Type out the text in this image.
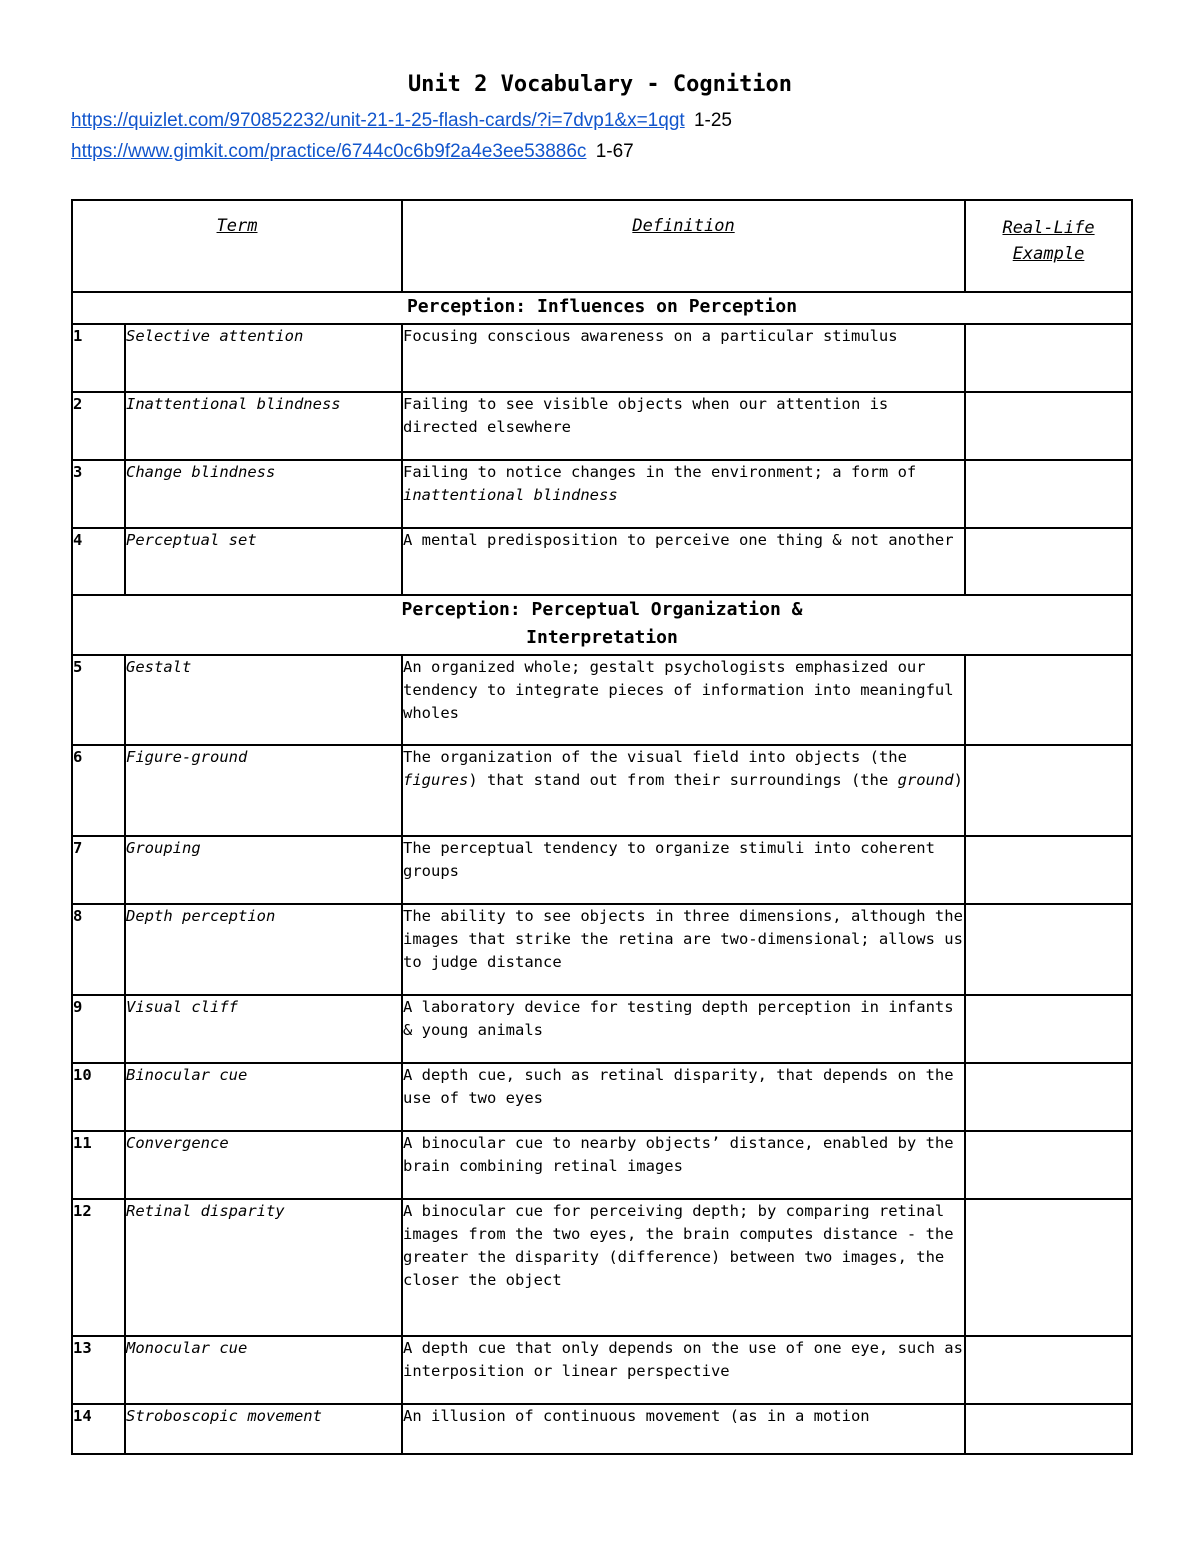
Unit 2 Vocabulary - Cognition
https://quizlet.com/970852232/unit-21-1-25-flash-cards/?i=7dvp1&x=1qgt 1-25
https://www.gimkit.com/practice/6744c0c6b9f2a4e3ee53886c 1-67
Term		Definition	Real-Life
Example
Perception: Influences on Perception			
1	Selective attention	Focusing conscious awareness on a particular stimulus	
2	Inattentional blindness	Failing to see visible objects when our attention is directed elsewhere	
3	Change blindness	Failing to notice changes in the environment; a form of inattentional blindness	
4	Perceptual set	A mental predisposition to perceive one thing & not another	
Perception: Perceptual Organization &
Interpretation			
5	Gestalt	An organized whole; gestalt psychologists emphasized our tendency to integrate pieces of information into meaningful wholes	
6	Figure-ground	The organization of the visual field into objects (the figures) that stand out from their surroundings (the ground)	
7	Grouping	The perceptual tendency to organize stimuli into coherent groups	
8	Depth perception	The ability to see objects in three dimensions, although the images that strike the retina are two-dimensional; allows us to judge distance	
9	Visual cliff	A laboratory device for testing depth perception in infants & young animals	
10	Binocular cue	A depth cue, such as retinal disparity, that depends on the use of two eyes	
11	Convergence	A binocular cue to nearby objects’ distance, enabled by the brain combining retinal images	
12	Retinal disparity	A binocular cue for perceiving depth; by comparing retinal images from the two eyes, the brain computes distance - the greater the disparity (difference) between two images, the closer the object	
13	Monocular cue	A depth cue that only depends on the use of one eye, such as interposition or linear perspective	
14	Stroboscopic movement	An illusion of continuous movement (as in a motion	
